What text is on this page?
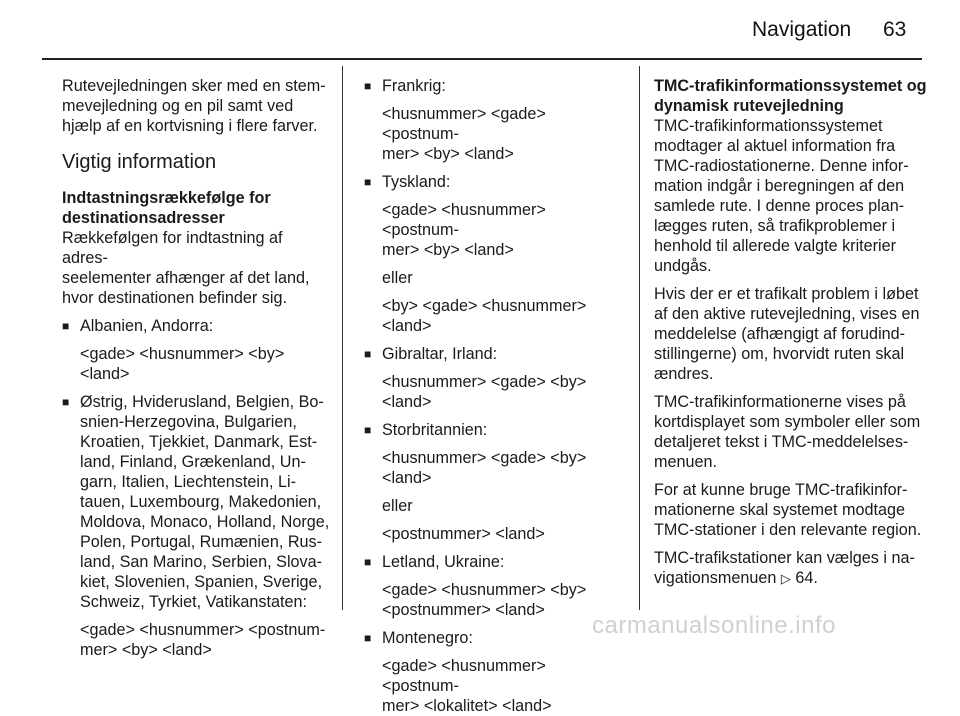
Navigation 63

Rutevejledningen sker med en stem-
mevejledning og en pil samt ved
hjælp af en kortvisning i flere farver.

Vigtig information
Indtastningsrækkefølge for
destinationsadresser

Rækkefølgen for indtastning af adres-
seelementer afhænger af det land,
hvor destinationen befinder sig.

■ Albanien, Andorra:
<gade> <husnummer> <by>
<land>
■ Østrig, Hviderusland, Belgien, Bo-
snien-Herzegovina, Bulgarien,
Kroatien, Tjekkiet, Danmark, Est-
land, Finland, Grækenland, Un-
garn, Italien, Liechtenstein, Li-
tauen, Luxembourg, Makedonien,
Moldova, Monaco, Holland, Norge,
Polen, Portugal, Rumænien, Rus-
land, San Marino, Serbien, Slova-
kiet, Slovenien, Spanien, Sverige,
Schweiz, Tyrkiet, Vatikanstaten:
<gade> <husnummer> <postnum-
mer> <by> <land>
■ Frankrig:
<husnummer> <gade> <postnum-
mer> <by> <land>
■ Tyskland:
<gade> <husnummer> <postnum-
mer> <by> <land>
eller
<by> <gade> <husnummer>
<land>
■ Gibraltar, Irland:
<husnummer> <gade> <by>
<land>
■ Storbritannien:
<husnummer> <gade> <by>
<land>
eller
<postnummer> <land>
■ Letland, Ukraine:
<gade> <husnummer> <by>
<postnummer> <land>
■ Montenegro:
<gade> <husnummer> <postnum-
mer> <lokalitet> <land>
TMC-trafikinformationssystemet og
dynamisk rutevejledning

TMC-trafikinformationssystemet
modtager al aktuel information fra
TMC-radiostationerne. Denne infor-
mation indgår i beregningen af den
samlede rute. I denne proces plan-
lægges ruten, så trafikproblemer i
henhold til allerede valgte kriterier
undgås.

Hvis der er et trafikalt problem i løbet
af den aktive rutevejledning, vises en
meddelelse (afhængigt af forudind-
stillingerne) om, hvorvidt ruten skal
ændres.

TMC-trafikinformationerne vises på
kortdisplayet som symboler eller som
detaljeret tekst i TMC-meddelelses-
menuen.

For at kunne bruge TMC-trafikinfor-
mationerne skal systemet modtage
TMC-stationer i den relevante region.

TMC-trafikstationer kan vælges i na-
vigationsmenuen ▷ 64.

carmanualsonline.info
